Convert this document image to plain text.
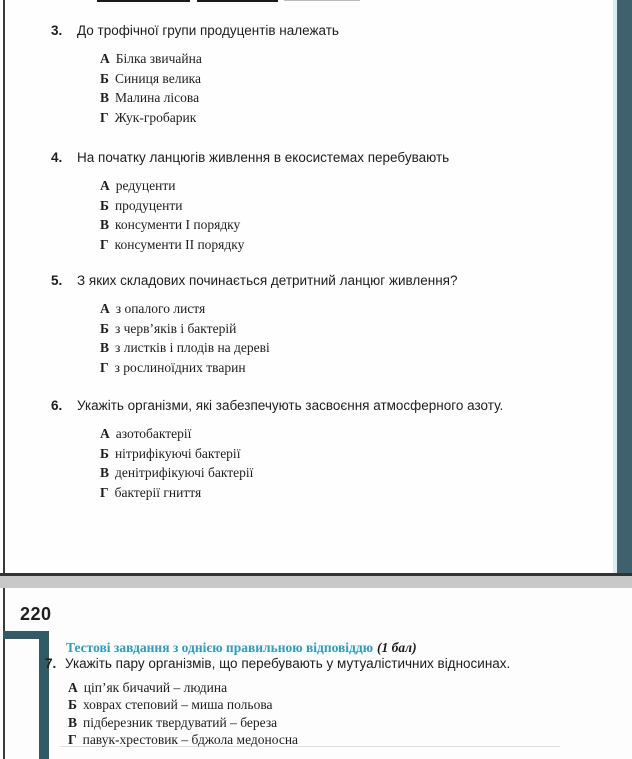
3. До трофічної групи продуцентів належать
А Білка звичайна
Б Синиця велика
В Малина лісова
Г Жук-гробарик
4. На початку ланцюгів живлення в екосистемах перебувають
А редуценти
Б продуценти
В консументи І порядку
Г консументи ІІ порядку
5. З яких складових починається детритний ланцюг живлення?
А з опалого листя
Б з черв’яків і бактерій
В з листків і плодів на дереві
Г з рослиноїдних тварин
6. Укажіть організми, які забезпечують засвоєння атмосферного азоту.
А азотобактерії
Б нітрифікуючі бактерії
В денітрифікуючі бактерії
Г бактерії гниття
220
Тестові завдання з однією правильною відповіддю (1 бал)
7. Укажіть пару організмів, що перебувають у мутуалістичних відносинах.
А ціп’як бичачий – людина
Б ховрах степовий – миша польова
В підберезник твердуватий – береза
Г павук-хрестовик – бджола медоносна
